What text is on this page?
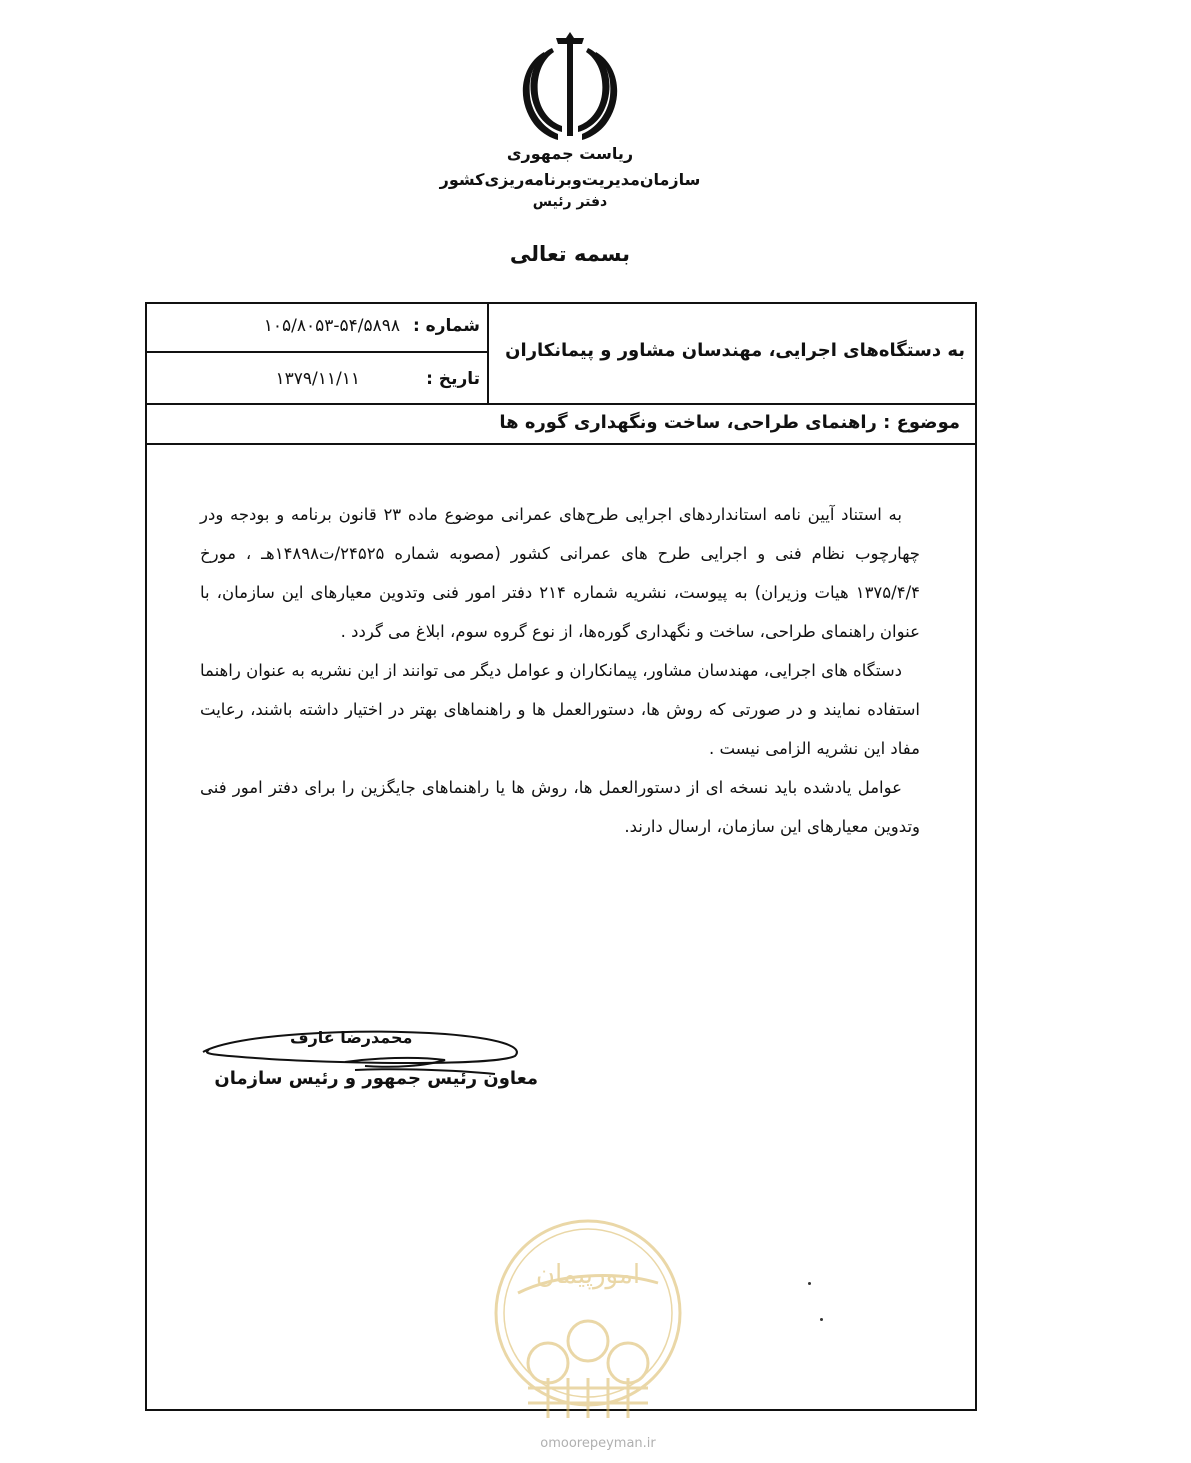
ریاست جمهوری
سازمان‌مدیریت‌وبرنامه‌ریزی‌کشور
دفتر رئیس
بسمه تعالی
شماره :
۱۰۵/۸۰۵۳-۵۴/۵۸۹۸
تاریخ :
۱۳۷۹/۱۱/۱۱
به دستگاه‌های اجرایی، مهندسان مشاور و پیمانکاران
موضوع : راهنمای طراحی، ساخت ونگهداری گوره ها

به استناد آیین نامه استانداردهای اجرایی طرح‌های عمرانی موضوع ماده ۲۳ قانون برنامه و بودجه ودر چهارچوب نظام فنی و اجرایی طرح های عمرانی کشور (مصوبه شماره ۲۴۵۲۵/ت۱۴۸۹۸هـ ، مورخ ۱۳۷۵/۴/۴ هیات وزیران) به پیوست، نشریه شماره ۲۱۴ دفتر امور فنی وتدوین معیارهای این سازمان، با عنوان راهنمای طراحی، ساخت و نگهداری گوره‌ها، از نوع گروه سوم، ابلاغ می گردد .

دستگاه های اجرایی، مهندسان مشاور، پیمانکاران و عوامل دیگر می توانند از این نشریه به عنوان راهنما استفاده نمایند و در صورتی که روش ها، دستورالعمل ها و راهنماهای بهتر در اختیار داشته باشند، رعایت مفاد این نشریه الزامی نیست .

عوامل یادشده باید نسخه ای از دستورالعمل ها، روش ها یا راهنماهای جایگزین را برای دفتر امور فنی وتدوین معیارهای این سازمان، ارسال دارند.

محمدرضا عارف
معاون رئیس جمهور و رئیس سازمان
امورپیمان
omoorepeyman.ir
